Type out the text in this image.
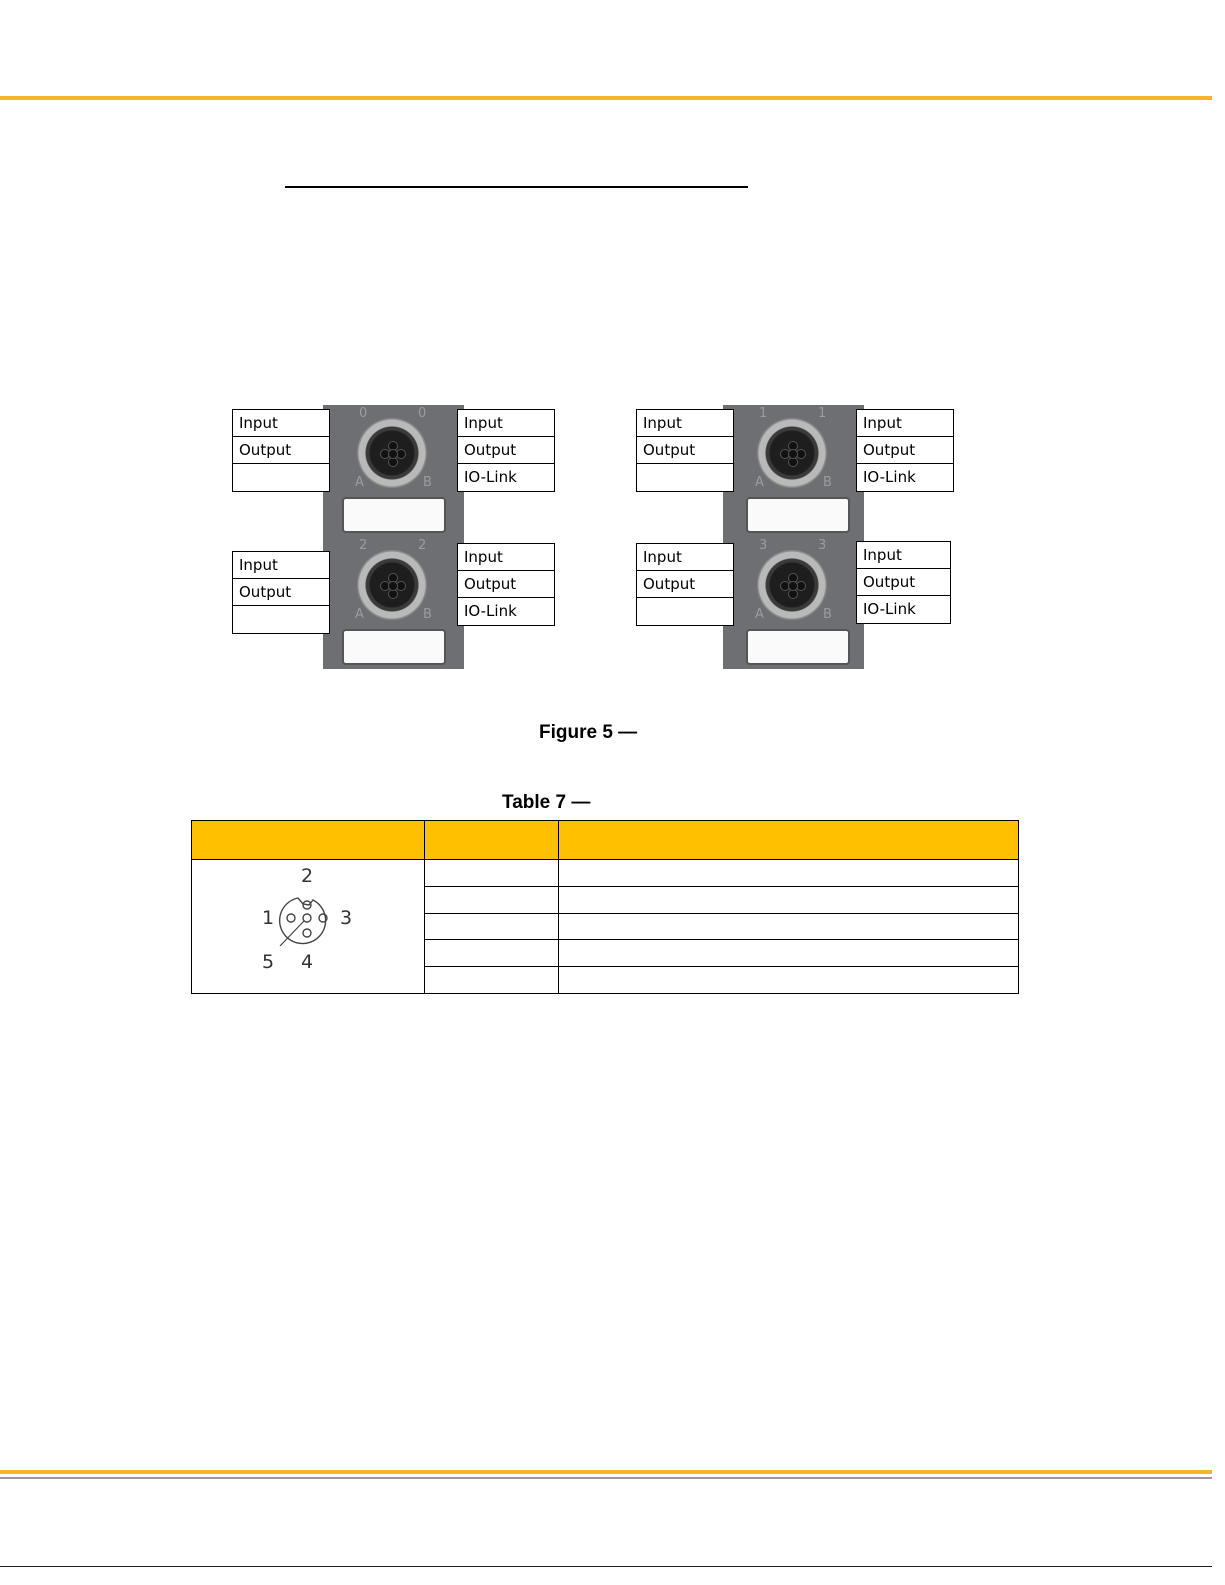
0	0
A	B
2	2
A	B
Input
Output
Input
Output
IO-Link
Input
Output
Input
Output
IO-Link
1	1
A	B
3	3
A	B
Input
Output
Input
Output
IO-Link
Input
Output
Input
Output
IO-Link
Figure 5 —
Table 7 —

2
1 3
5 4		
